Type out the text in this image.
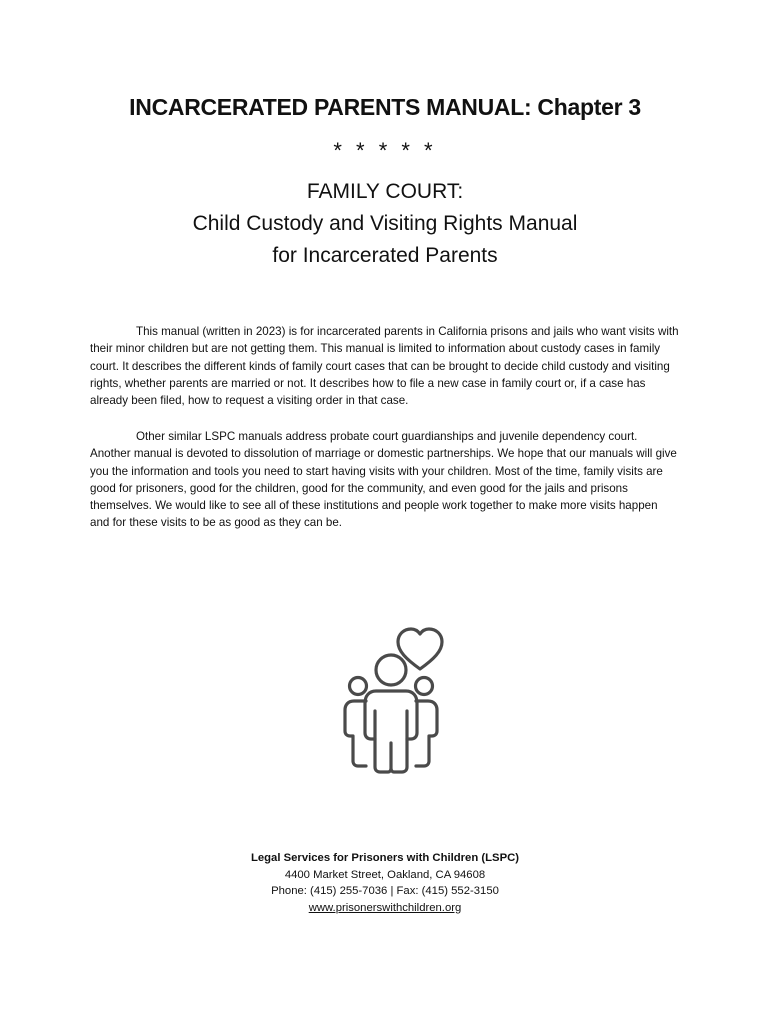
INCARCERATED PARENTS MANUAL: Chapter 3
* * * * *
FAMILY COURT:
Child Custody and Visiting Rights Manual
for Incarcerated Parents

This manual (written in 2023) is for incarcerated parents in California prisons and jails who want visits with their minor children but are not getting them. This manual is limited to information about custody cases in family court. It describes the different kinds of family court cases that can be brought to decide child custody and visiting rights, whether parents are married or not. It describes how to file a new case in family court or, if a case has already been filed, how to request a visiting order in that case.

Other similar LSPC manuals address probate court guardianships and juvenile dependency court. Another manual is devoted to dissolution of marriage or domestic partnerships. We hope that our manuals will give you the information and tools you need to start having visits with your children. Most of the time, family visits are good for prisoners, good for the children, good for the community, and even good for the jails and prisons themselves. We would like to see all of these institutions and people work together to make more visits happen and for these visits to be as good as they can be.

Legal Services for Prisoners with Children (LSPC)
4400 Market Street, Oakland, CA 94608
Phone: (415) 255-7036 | Fax: (415) 552-3150
www.prisonerswithchildren.org
